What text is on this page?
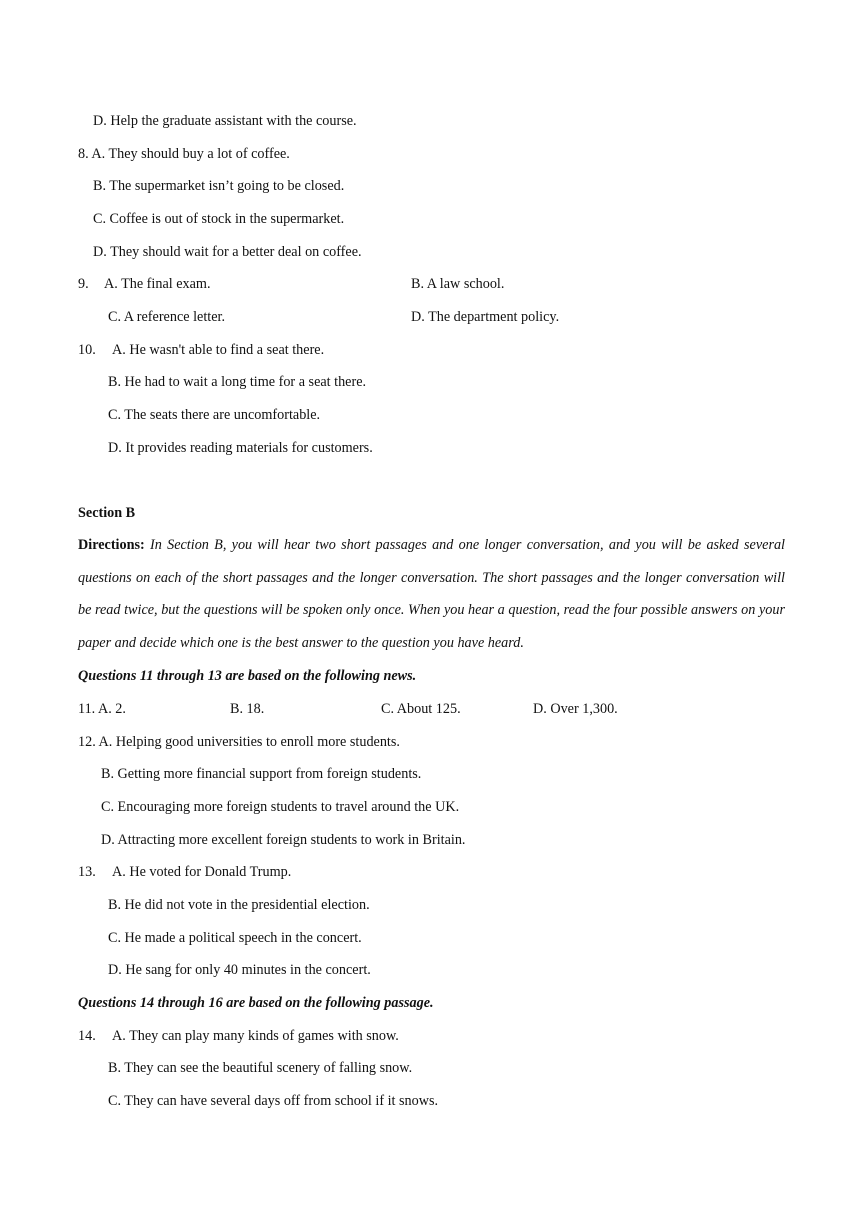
D. Help the graduate assistant with the course.
8. A. They should buy a lot of coffee.
B. The supermarket isn’t going to be closed.
C. Coffee is out of stock in the supermarket.
D. They should wait for a better deal on coffee.
9. A. The final exam.	B. A law school.
C. A reference letter.	D. The department policy.
10. A. He wasn't able to find a seat there.
B. He had to wait a long time for a seat there.
C. The seats there are uncomfortable.
D. It provides reading materials for customers.
Section B
Directions: In Section B, you will hear two short passages and one longer conversation, and you will be asked several questions on each of the short passages and the longer conversation. The short passages and the longer conversation will be read twice, but the questions will be spoken only once. When you hear a question, read the four possible answers on your paper and decide which one is the best answer to the question you have heard.
Questions 11 through 13 are based on the following news.
11. A. 2.	B. 18.	C. About 125.	D. Over 1,300.
12. A. Helping good universities to enroll more students.
B. Getting more financial support from foreign students.
C. Encouraging more foreign students to travel around the UK.
D. Attracting more excellent foreign students to work in Britain.
13. A. He voted for Donald Trump.
B. He did not vote in the presidential election.
C. He made a political speech in the concert.
D. He sang for only 40 minutes in the concert.
Questions 14 through 16 are based on the following passage.
14. A. They can play many kinds of games with snow.
B. They can see the beautiful scenery of falling snow.
C. They can have several days off from school if it snows.
